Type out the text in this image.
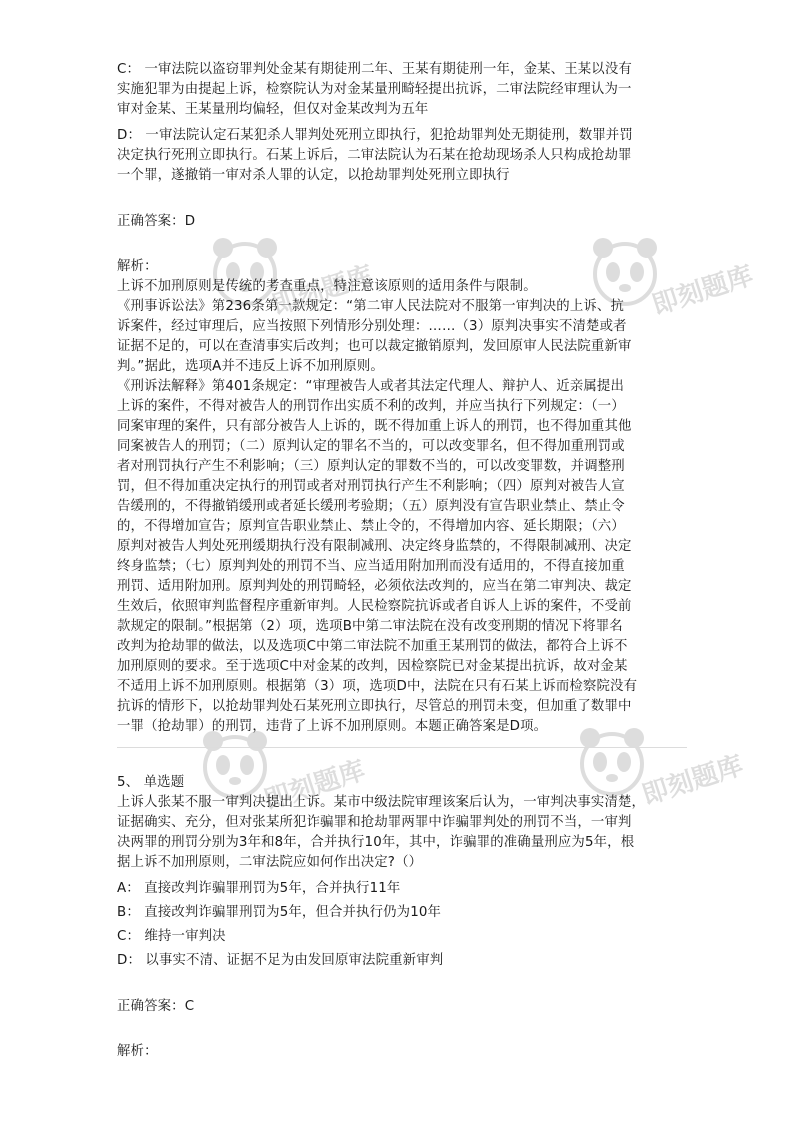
即刻题库	即刻题库
即刻题库	即刻题库
C： 一审法院以盗窃罪判处金某有期徒刑二年、王某有期徒刑一年，金某、王某以没有
实施犯罪为由提起上诉，检察院认为对金某量刑畸轻提出抗诉，二审法院经审理认为一
审对金某、王某量刑均偏轻，但仅对金某改判为五年
D： 一审法院认定石某犯杀人罪判处死刑立即执行，犯抢劫罪判处无期徒刑，数罪并罚
决定执行死刑立即执行。石某上诉后，二审法院认为石某在抢劫现场杀人只构成抢劫罪
一个罪，遂撤销一审对杀人罪的认定，以抢劫罪判处死刑立即执行
正确答案：D
解析：
上诉不加刑原则是传统的考查重点，特注意该原则的适用条件与限制。
《刑事诉讼法》第236条第一款规定：“第二审人民法院对不服第一审判决的上诉、抗
诉案件，经过审理后，应当按照下列情形分别处理：……（3）原判决事实不清楚或者
证据不足的，可以在查清事实后改判；也可以裁定撤销原判，发回原审人民法院重新审
判。”据此，选项A并不违反上诉不加刑原则。
《刑诉法解释》第401条规定：“审理被告人或者其法定代理人、辩护人、近亲属提出
上诉的案件，不得对被告人的刑罚作出实质不利的改判，并应当执行下列规定：（一）
同案审理的案件，只有部分被告人上诉的，既不得加重上诉人的刑罚，也不得加重其他
同案被告人的刑罚；（二）原判认定的罪名不当的，可以改变罪名，但不得加重刑罚或
者对刑罚执行产生不利影响；（三）原判认定的罪数不当的，可以改变罪数，并调整刑
罚，但不得加重决定执行的刑罚或者对刑罚执行产生不利影响；（四）原判对被告人宣
告缓刑的，不得撤销缓刑或者延长缓刑考验期；（五）原判没有宣告职业禁止、禁止令
的，不得增加宣告；原判宣告职业禁止、禁止令的，不得增加内容、延长期限；（六）
原判对被告人判处死刑缓期执行没有限制减刑、决定终身监禁的，不得限制减刑、决定
终身监禁；（七）原判判处的刑罚不当、应当适用附加刑而没有适用的，不得直接加重
刑罚、适用附加刑。原判判处的刑罚畸轻，必须依法改判的，应当在第二审判决、裁定
生效后，依照审判监督程序重新审判。人民检察院抗诉或者自诉人上诉的案件，不受前
款规定的限制。”根据第（2）项，选项B中第二审法院在没有改变刑期的情况下将罪名
改判为抢劫罪的做法，以及选项C中第二审法院不加重王某刑罚的做法，都符合上诉不
加刑原则的要求。至于选项C中对金某的改判，因检察院已对金某提出抗诉，故对金某
不适用上诉不加刑原则。根据第（3）项，选项D中，法院在只有石某上诉而检察院没有
抗诉的情形下，以抢劫罪判处石某死刑立即执行，尽管总的刑罚未变，但加重了数罪中
一罪（抢劫罪）的刑罚，违背了上诉不加刑原则。本题正确答案是D项。
5、 单选题
上诉人张某不服一审判决提出上诉。某市中级法院审理该案后认为，一审判决事实清楚，
证据确实、充分，但对张某所犯诈骗罪和抢劫罪两罪中诈骗罪判处的刑罚不当，一审判
决两罪的刑罚分别为3年和8年，合并执行10年，其中，诈骗罪的准确量刑应为5年，根
据上诉不加刑原则，二审法院应如何作出决定?（）
A： 直接改判诈骗罪刑罚为5年，合并执行11年
B： 直接改判诈骗罪刑罚为5年，但合并执行仍为10年
C： 维持一审判决
D： 以事实不清、证据不足为由发回原审法院重新审判
正确答案：C
解析：
